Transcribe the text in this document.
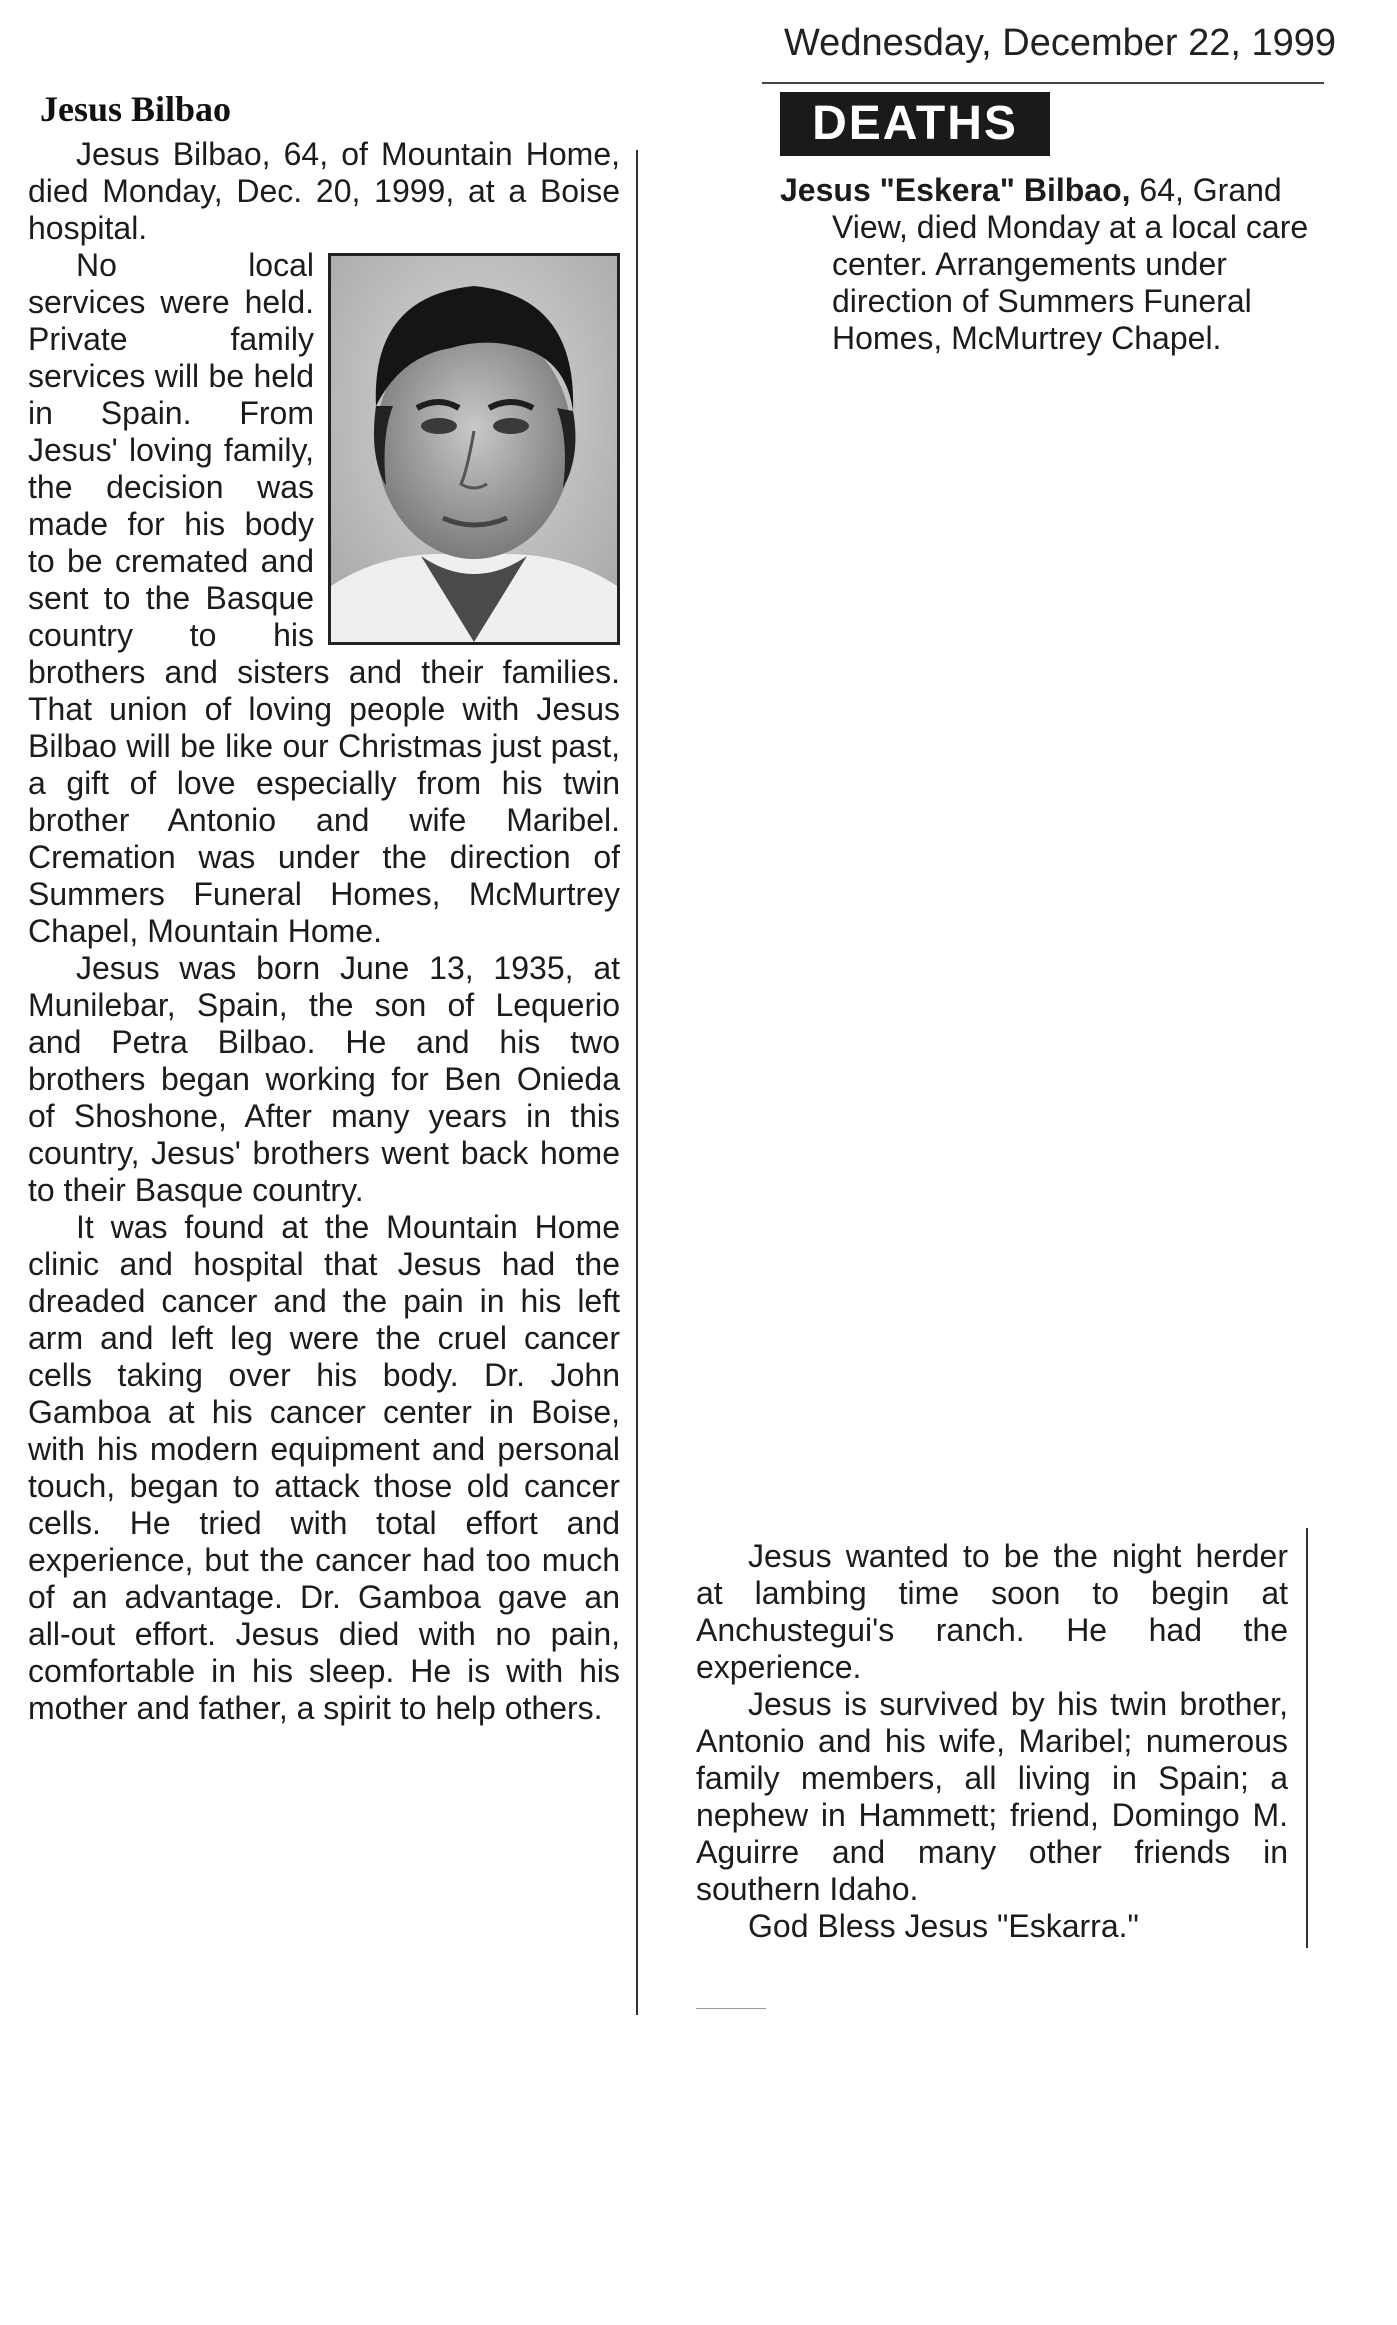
Jesus Bilbao

Jesus Bilbao, 64, of Mountain Home, died Monday, Dec. 20, 1999, at a Boise hospital.

No local services were held. Private family services will be held in Spain. From Jesus' loving family, the decision was made for his body to be cremated and sent to the Basque country to his brothers and sisters and their families. That union of loving people with Jesus Bilbao will be like our Christmas just past, a gift of love especially from his twin brother Antonio and wife Maribel. Cremation was under the direction of Summers Funeral Homes, McMurtrey Chapel, Mountain Home.

Jesus was born June 13, 1935, at Munilebar, Spain, the son of Lequerio and Petra Bilbao. He and his two brothers began working for Ben Onieda of Shoshone, After many years in this country, Jesus' brothers went back home to their Basque country.

It was found at the Mountain Home clinic and hospital that Jesus had the dreaded cancer and the pain in his left arm and left leg were the cruel cancer cells taking over his body. Dr. John Gamboa at his cancer center in Boise, with his modern equipment and personal touch, began to attack those old cancer cells. He tried with total effort and experience, but the cancer had too much of an advantage. Dr. Gamboa gave an all-out effort. Jesus died with no pain, comfortable in his sleep. He is with his mother and father, a spirit to help others.

Wednesday, December 22, 1999
DEATHS

Jesus "Eskera" Bilbao, 64, Grand View, died Monday at a local care center. Arrangements under direction of Summers Funeral Homes, McMurtrey Chapel.

Jesus wanted to be the night herder at lambing time soon to begin at Anchustegui's ranch. He had the experience.

Jesus is survived by his twin brother, Antonio and his wife, Maribel; numerous family members, all living in Spain; a nephew in Hammett; friend, Domingo M. Aguirre and many other friends in southern Idaho.

God Bless Jesus "Eskarra."
